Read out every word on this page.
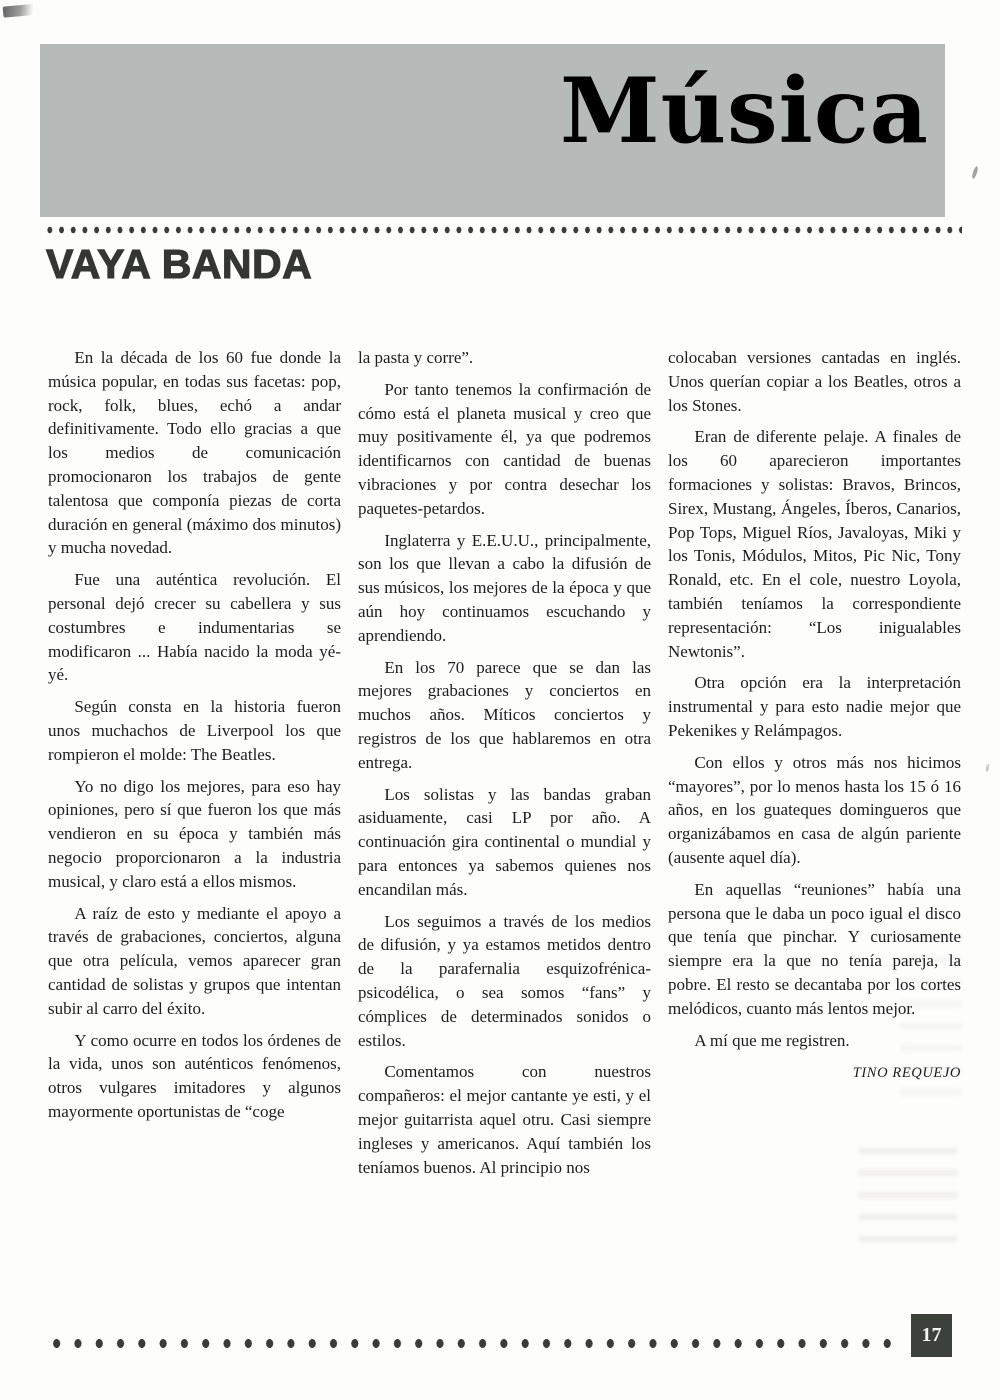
Música
VAYA BANDA

En la década de los 60 fue donde la música popular, en todas sus facetas: pop, rock, folk, blues, echó a andar definitivamente. Todo ello gracias a que los medios de comunicación promocionaron los trabajos de gente talentosa que componía piezas de corta duración en general (máximo dos minutos) y mucha novedad.

Fue una auténtica revolución. El personal dejó crecer su cabellera y sus costumbres e indumentarias se modificaron ... Había nacido la moda yé-yé.

Según consta en la historia fueron unos muchachos de Liverpool los que rompieron el molde: The Beatles.

Yo no digo los mejores, para eso hay opiniones, pero sí que fueron los que más vendieron en su época y también más negocio proporcionaron a la industria musical, y claro está a ellos mismos.

A raíz de esto y mediante el apoyo a través de grabaciones, conciertos, alguna que otra película, vemos aparecer gran cantidad de solistas y grupos que intentan subir al carro del éxito.

Y como ocurre en todos los órdenes de la vida, unos son auténticos fenómenos, otros vulgares imitadores y algunos mayormente oportunistas de “coge

la pasta y corre”.

Por tanto tenemos la confirmación de cómo está el planeta musical y creo que muy positivamente él, ya que podremos identificarnos con cantidad de buenas vibraciones y por contra desechar los paquetes-petardos.

Inglaterra y E.E.U.U., principalmente, son los que llevan a cabo la difusión de sus músicos, los mejores de la época y que aún hoy continuamos escuchando y aprendiendo.

En los 70 parece que se dan las mejores grabaciones y conciertos en muchos años. Míticos conciertos y registros de los que hablaremos en otra entrega.

Los solistas y las bandas graban asiduamente, casi LP por año. A continuación gira continental o mundial y para entonces ya sabemos quienes nos encandilan más.

Los seguimos a través de los medios de difusión, y ya estamos metidos dentro de la parafernalia esquizofrénica-psicodélica, o sea somos “fans” y cómplices de determinados sonidos o estilos.

Comentamos con nuestros compañeros: el mejor cantante ye esti, y el mejor guitarrista aquel otru. Casi siempre ingleses y americanos. Aquí también los teníamos buenos. Al principio nos

colocaban versiones cantadas en inglés. Unos querían copiar a los Beatles, otros a los Stones.

Eran de diferente pelaje. A finales de los 60 aparecieron importantes formaciones y solistas: Bravos, Brincos, Sirex, Mustang, Ángeles, Íberos, Canarios, Pop Tops, Miguel Ríos, Javaloyas, Miki y los Tonis, Módulos, Mitos, Pic Nic, Tony Ronald, etc. En el cole, nuestro Loyola, también teníamos la correspondiente representación: “Los inigualables Newtonis”.

Otra opción era la interpretación instrumental y para esto nadie mejor que Pekenikes y Relámpagos.

Con ellos y otros más nos hicimos “mayores”, por lo menos hasta los 15 ó 16 años, en los guateques domingueros que organizábamos en casa de algún pariente (ausente aquel día).

En aquellas “reuniones” había una persona que le daba un poco igual el disco que tenía que pinchar. Y curiosamente siempre era la que no tenía pareja, la pobre. El resto se decantaba por los cortes melódicos, cuanto más lentos mejor.

A mí que me registren.

TINO REQUEJO
17
